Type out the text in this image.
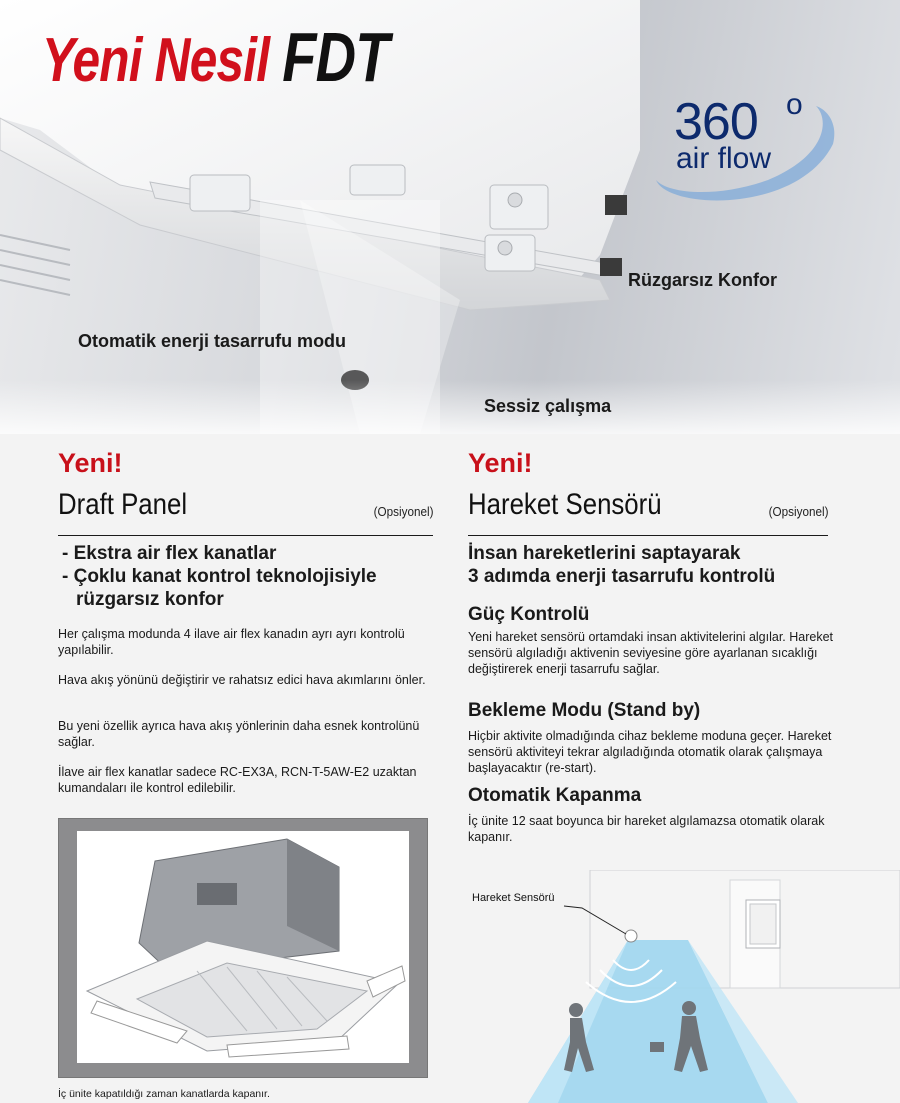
Yeni Nesil FDT
360 o
air flow
Rüzgarsız Konfor
Otomatik enerji tasarrufu modu
Sessiz çalışma
Yeni!
Draft Panel	(Opsiyonel)
- Ekstra air flex kanatlar
- Çoklu kanat kontrol teknolojisiyle
rüzgarsız konfor
Her çalışma modunda 4 ilave air flex kanadın ayrı ayrı kontrolü yapılabilir.
Hava akış yönünü değiştirir ve rahatsız edici hava akımlarını önler.
Bu yeni özellik ayrıca hava akış yönlerinin daha esnek kontrolünü sağlar.
İlave air flex kanatlar sadece RC-EX3A, RCN-T-5AW-E2 uzaktan kumandaları ile kontrol edilebilir.
İç ünite kapatıldığı zaman kanatlarda kapanır.
Yeni!
Hareket Sensörü	(Opsiyonel)
İnsan hareketlerini saptayarak
3 adımda enerji tasarrufu kontrolü
Güç Kontrolü
Yeni hareket sensörü ortamdaki insan aktivitelerini algılar. Hareket sensörü algıladığı aktivenin seviyesine göre ayarlanan sıcaklığı değiştirerek enerji tasarrufu sağlar.
Bekleme Modu (Stand by)
Hiçbir aktivite olmadığında cihaz bekleme moduna geçer. Hareket sensörü aktiviteyi tekrar algıladığında otomatik olarak çalışmaya başlayacaktır (re-start).
Otomatik Kapanma
İç ünite 12 saat boyunca bir hareket algılamazsa otomatik olarak kapanır.
Hareket Sensörü
